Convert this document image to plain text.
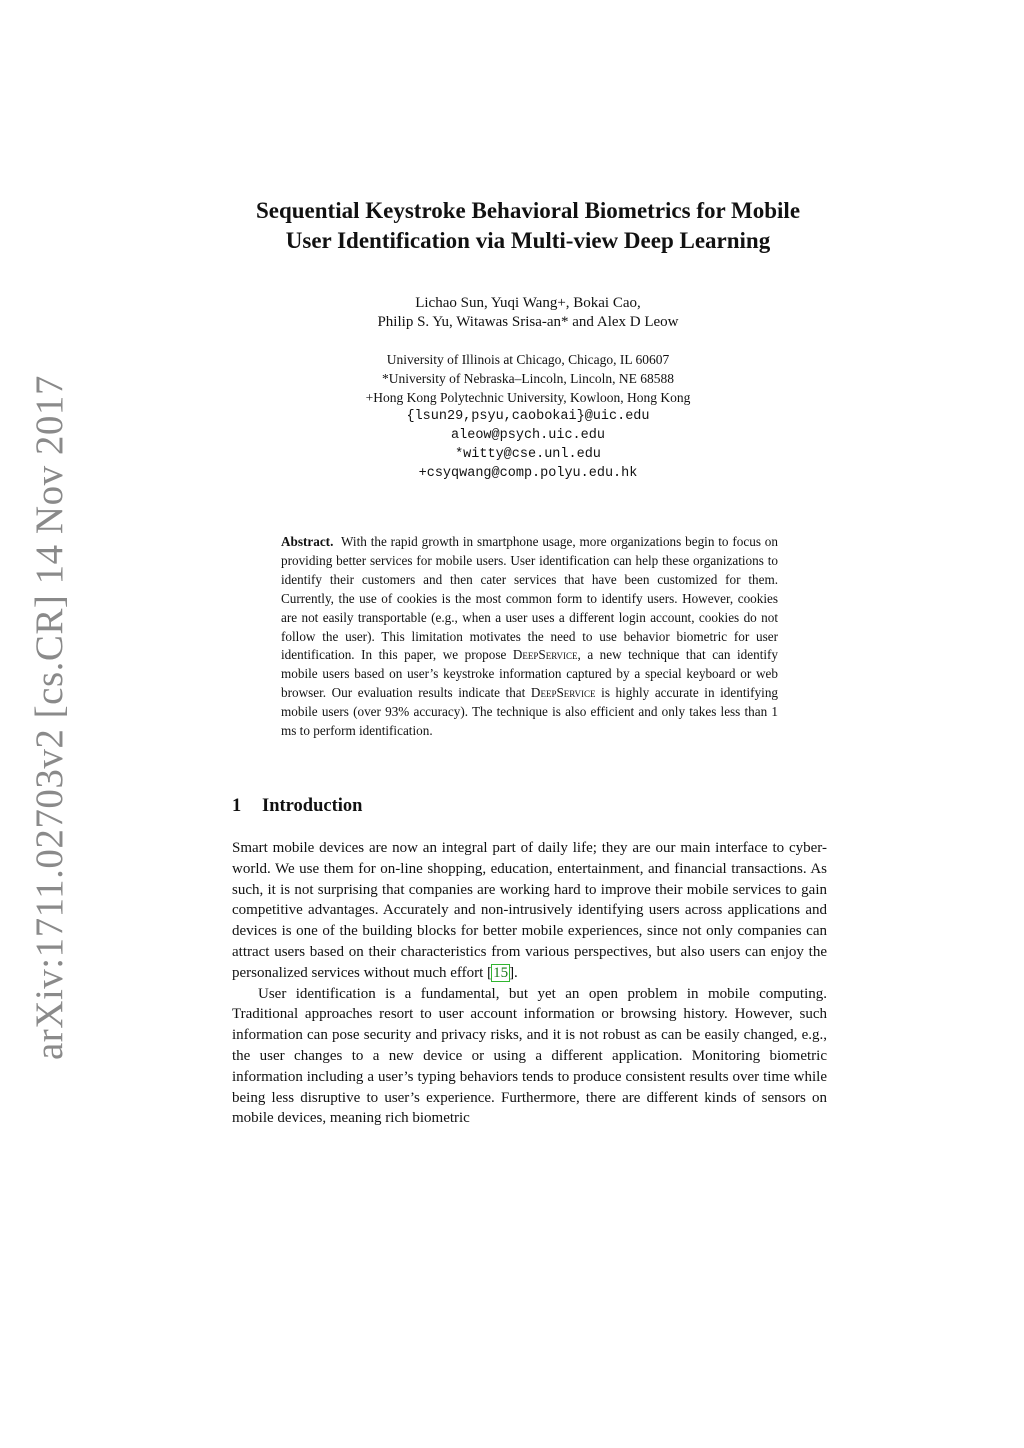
arXiv:1711.02703v2 [cs.CR] 14 Nov 2017
Sequential Keystroke Behavioral Biometrics for Mobile
User Identification via Multi-view Deep Learning
Lichao Sun, Yuqi Wang+, Bokai Cao,
Philip S. Yu, Witawas Srisa-an* and Alex D Leow
University of Illinois at Chicago, Chicago, IL 60607
*University of Nebraska–Lincoln, Lincoln, NE 68588
+Hong Kong Polytechnic University, Kowloon, Hong Kong
{lsun29,psyu,caobokai}@uic.edu
aleow@psych.uic.edu
*witty@cse.unl.edu
+csyqwang@comp.polyu.edu.hk
Abstract. With the rapid growth in smartphone usage, more organizations begin to focus on providing better services for mobile users. User identification can help these organizations to identify their customers and then cater services that have been customized for them. Currently, the use of cookies is the most common form to identify users. However, cookies are not easily transportable (e.g., when a user uses a different login account, cookies do not follow the user). This limitation motivates the need to use behavior biometric for user identification. In this paper, we propose DeepService, a new technique that can identify mobile users based on user’s keystroke information captured by a special keyboard or web browser. Our evaluation results indicate that DeepService is highly accurate in identifying mobile users (over 93% accuracy). The technique is also efficient and only takes less than 1 ms to perform identification.
1 Introduction

Smart mobile devices are now an integral part of daily life; they are our main interface to cyber-world. We use them for on-line shopping, education, entertainment, and financial transactions. As such, it is not surprising that companies are working hard to improve their mobile services to gain competitive advantages. Accurately and non-intrusively identifying users across applications and devices is one of the building blocks for better mobile experiences, since not only companies can attract users based on their characteristics from various perspectives, but also users can enjoy the personalized services without much effort [15].

User identification is a fundamental, but yet an open problem in mobile computing. Traditional approaches resort to user account information or browsing history. However, such information can pose security and privacy risks, and it is not robust as can be easily changed, e.g., the user changes to a new device or using a different application. Monitoring biometric information including a user’s typing behaviors tends to produce consistent results over time while being less disruptive to user’s experience. Furthermore, there are different kinds of sensors on mobile devices, meaning rich biometric
